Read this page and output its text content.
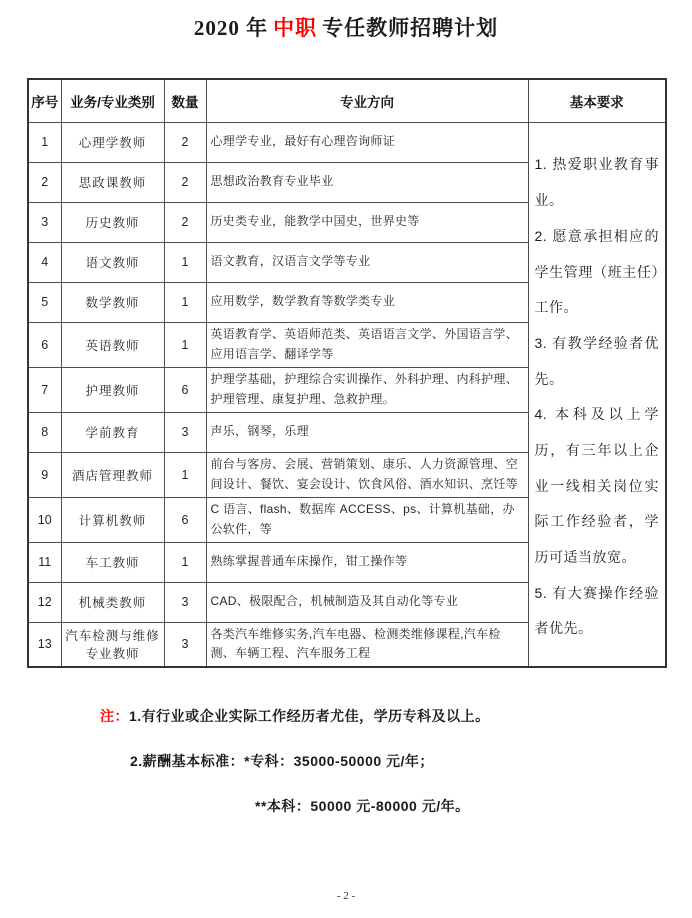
2020 年 中职 专任教师招聘计划
序号	业务/专业类别	数量	专业方向	基本要求
1	心理学教师	2	心理学专业，最好有心理咨询师证	1. 热爱职业教育事业。

2. 愿意承担相应的学生管理（班主任）工作。

3. 有教学经验者优先。

4. 本科及以上学历，有三年以上企业一线相关岗位实际工作经验者，学历可适当放宽。

5. 有大赛操作经验者优先。

2	思政课教师	2	思想政治教育专业毕业	
3	历史教师	2	历史类专业，能教学中国史，世界史等	
4	语文教师	1	语文教育，汉语言文学等专业	
5	数学教师	1	应用数学，数学教育等数学类专业	
6	英语教师	1	英语教育学、英语师范类、英语语言文学、外国语言学、应用语言学、翻译学等	
7	护理教师	6	护理学基础，护理综合实训操作、外科护理、内科护理、护理管理、康复护理、急救护理。	
8	学前教育	3	声乐，钢琴，乐理	
9	酒店管理教师	1	前台与客房、会展、营销策划、康乐、人力资源管理、空间设计、餐饮、宴会设计、饮食风俗、酒水知识、烹饪等	
10	计算机教师	6	C 语言、flash、数据库 ACCESS、ps、计算机基础，办公软件，等	
11	车工教师	1	熟练掌握普通车床操作，钳工操作等	
12	机械类教师	3	CAD、极限配合，机械制造及其自动化等专业	
13	汽车检测与维修专业教师	3	各类汽车维修实务,汽车电器、检测类维修课程,汽车检测、车辆工程、汽车服务工程	

注：1.有行业或企业实际工作经历者尤佳，学历专科及以上。

2.薪酬基本标准：*专科：35000-50000 元/年；

**本科：50000 元-80000 元/年。

- 2 -
